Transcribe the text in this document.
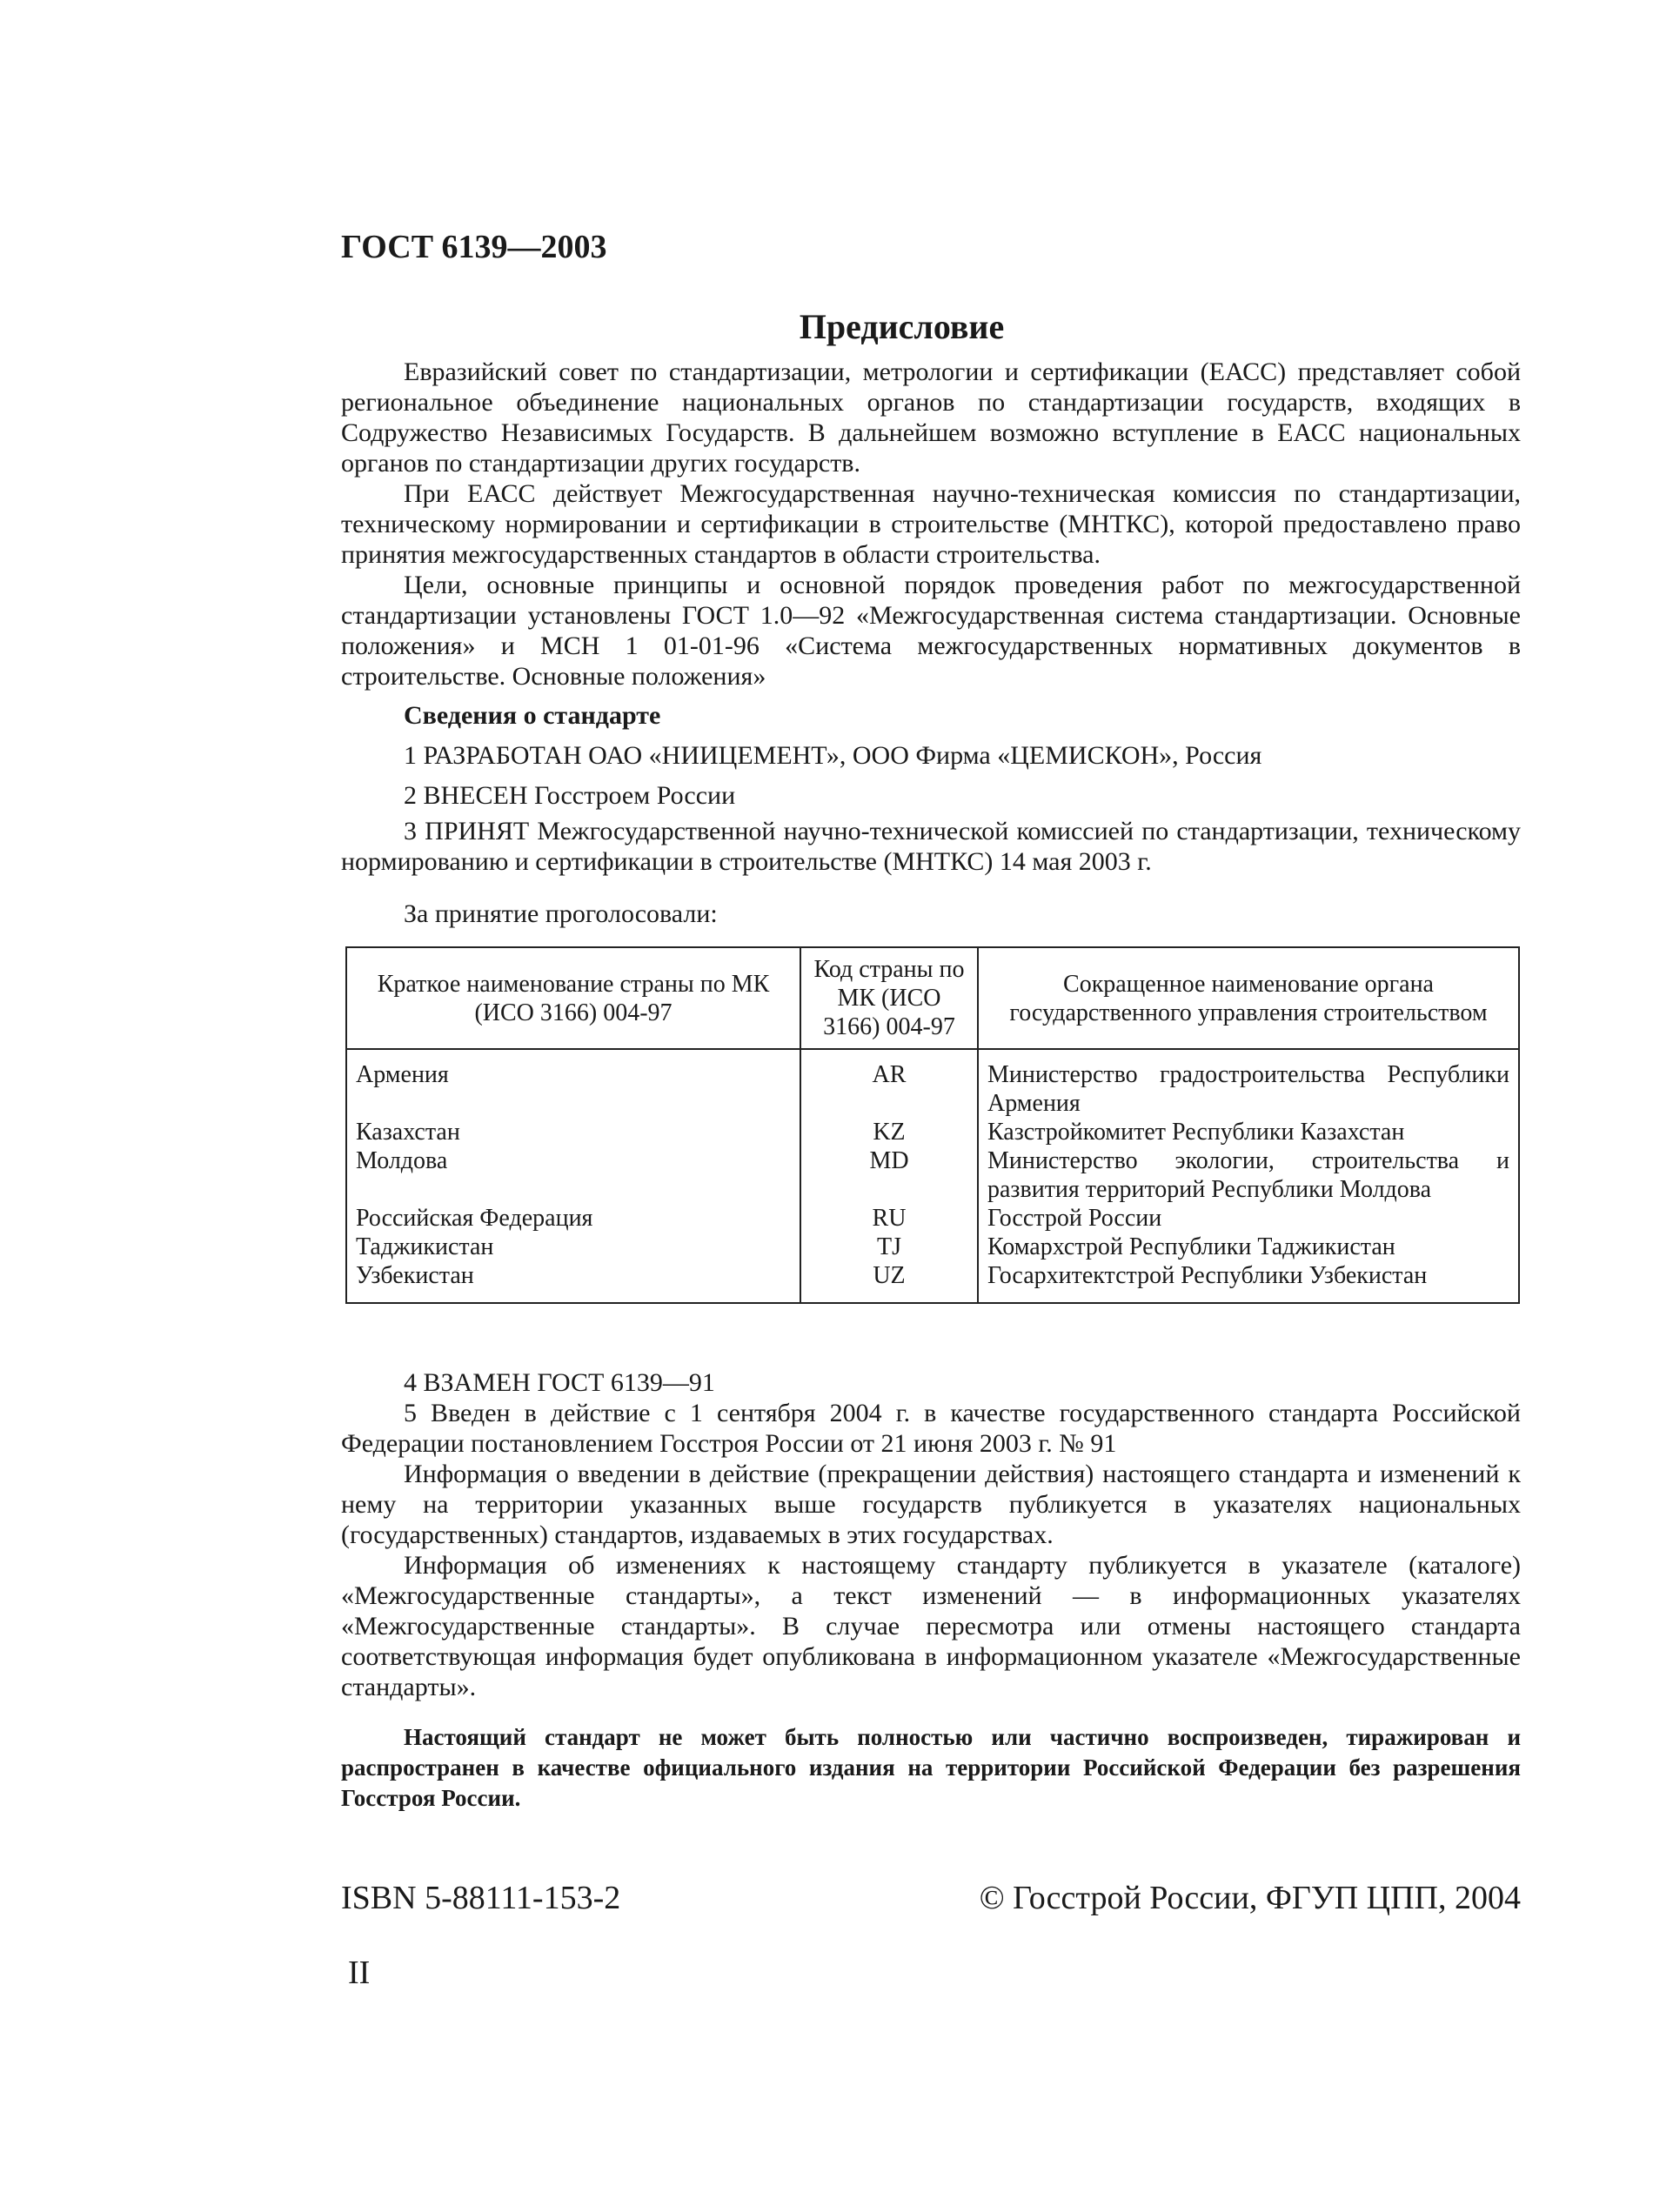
ГОСТ 6139—2003
Предисловие

Евразийский совет по стандартизации, метрологии и сертификации (ЕАСС) представляет собой региональное объединение национальных органов по стандартизации государств, входящих в Содружество Независимых Государств. В дальнейшем возможно вступление в ЕАСС национальных органов по стандартизации других государств.

При ЕАСС действует Межгосударственная научно-техническая комиссия по стандартизации, техническому нормировании и сертификации в строительстве (МНТКС), которой предоставлено право принятия межгосударственных стандартов в области строительства.

Цели, основные принципы и основной порядок проведения работ по межгосударственной стандартизации установлены ГОСТ 1.0—92 «Межгосударственная система стандартизации. Основные положения» и МСН 1 01-01-96 «Система межгосударственных нормативных документов в строительстве. Основные положения»

Сведения о стандарте
1 РАЗРАБОТАН ОАО «НИИЦЕМЕНТ», ООО Фирма «ЦЕМИСКОН», Россия
2 ВНЕСЕН Госстроем России

3 ПРИНЯТ Межгосударственной научно-технической комиссией по стандартизации, техническому нормированию и сертификации в строительстве (МНТКС) 14 мая 2003 г.

За принятие проголосовали:
Краткое наименование страны по МК (ИСО 3166) 004-97	Код страны по МК (ИСО 3166) 004-97	Сокращенное наименование органа государственного управления строительством
Армения	AR	Министерство градостроительства Республики Армения
Казахстан	KZ	Казстройкомитет Республики Казахстан
Молдова	MD	Министерство экологии, строительства и развития территорий Республики Молдова
Российская Федерация	RU	Госстрой России
Таджикистан	TJ	Комархстрой Республики Таджикистан
Узбекистан	UZ	Госархитектстрой Республики Узбекистан

4 ВЗАМЕН ГОСТ 6139—91

5 Введен в действие с 1 сентября 2004 г. в качестве государственного стандарта Российской Федерации постановлением Госстроя России от 21 июня 2003 г. № 91

Информация о введении в действие (прекращении действия) настоящего стандарта и изменений к нему на территории указанных выше государств публикуется в указателях национальных (государственных) стандартов, издаваемых в этих государствах.

Информация об изменениях к настоящему стандарту публикуется в указателе (каталоге) «Межгосударственные стандарты», а текст изменений — в информационных указателях «Межгосударственные стандарты». В случае пересмотра или отмены настоящего стандарта соответствующая информация будет опубликована в информационном указателе «Межгосударственные стандарты».

Настоящий стандарт не может быть полностью или частично воспроизведен, тиражирован и распространен в качестве официального издания на территории Российской Федерации без разрешения Госстроя России.

ISBN 5-88111-153-2	© Госстрой России, ФГУП ЦПП, 2004
II
